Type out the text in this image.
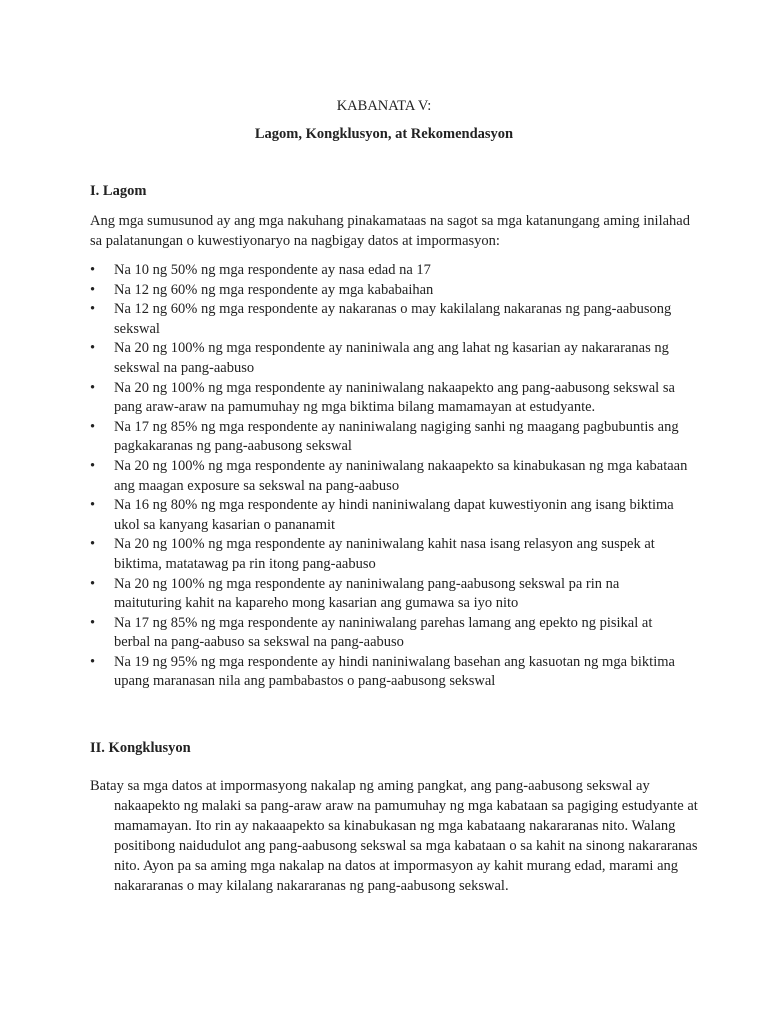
KABANATA V:
Lagom, Kongklusyon, at Rekomendasyon
I. Lagom

Ang mga sumusunod ay ang mga nakuhang pinakamataas na sagot sa mga katanungang aming inilahad sa palatanungan o kuwestiyonaryo na nagbigay datos at impormasyon:

•	Na 10 ng 50% ng mga respondente ay nasa edad na 17
•	Na 12 ng 60% ng mga respondente ay mga kababaihan
•	Na 12 ng 60% ng mga respondente ay nakaranas o may kakilalang nakaranas ng pang-aabusong sekswal
•	Na 20 ng 100% ng mga respondente ay naniniwala ang ang lahat ng kasarian ay nakararanas ng sekswal na pang-aabuso
•	Na 20 ng 100% ng mga respondente ay naniniwalang nakaapekto ang pang-aabusong sekswal sa pang araw-araw na pamumuhay ng mga biktima bilang mamamayan at estudyante.
•	Na 17 ng 85% ng mga respondente ay naniniwalang nagiging sanhi ng maagang pagbubuntis ang pagkakaranas ng pang-aabusong sekswal
•	Na 20 ng 100% ng mga respondente ay naniniwalang nakaapekto sa kinabukasan ng mga kabataan ang maagan exposure sa sekswal na pang-aabuso
•	Na 16 ng 80% ng mga respondente ay hindi naniniwalang dapat kuwestiyonin ang isang biktima ukol sa kanyang kasarian o pananamit
•	Na 20 ng 100% ng mga respondente ay naniniwalang kahit nasa isang relasyon ang suspek at biktima, matatawag pa rin itong pang-aabuso
•	Na 20 ng 100% ng mga respondente ay naniniwalang pang-aabusong sekswal pa rin na maituturing kahit na kapareho mong kasarian ang gumawa sa iyo nito
•	Na 17 ng 85% ng mga respondente ay naniniwalang parehas lamang ang epekto ng pisikal at berbal na pang-aabuso sa sekswal na pang-aabuso
•	Na 19 ng 95% ng mga respondente ay hindi naniniwalang basehan ang kasuotan ng mga biktima upang maranasan nila ang pambabastos o pang-aabusong sekswal
II. Kongklusyon

Batay sa mga datos at impormasyong nakalap ng aming pangkat, ang pang-aabusong sekswal ay nakaapekto ng malaki sa pang-araw araw na pamumuhay ng mga kabataan sa pagiging estudyante at mamamayan. Ito rin ay nakaaapekto sa kinabukasan ng mga kabataang nakararanas nito. Walang positibong naidudulot ang pang-aabusong sekswal sa mga kabataan o sa kahit na sinong nakararanas nito. Ayon pa sa aming mga nakalap na datos at impormasyon ay kahit murang edad, marami ang nakararanas o may kilalang nakararanas ng pang-aabusong sekswal.
